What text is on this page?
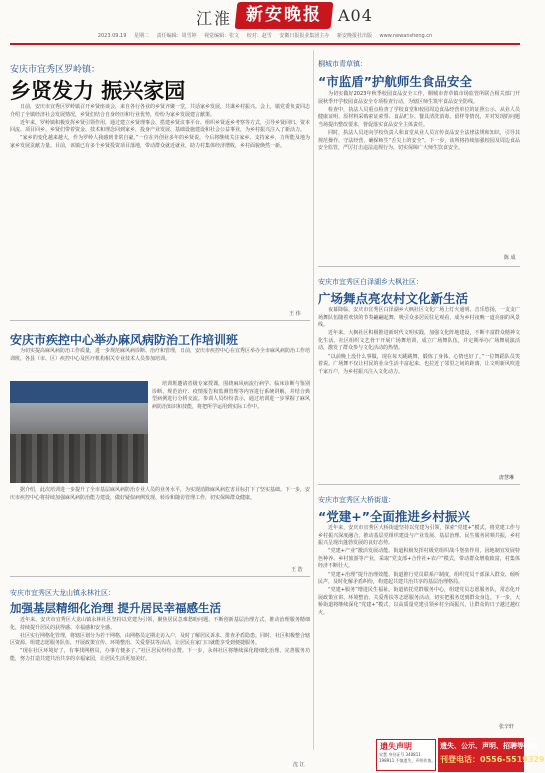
江淮 新安晚报	A04
2023.09.19 星期二 责任编辑：周雪婷 视觉编辑：张文 校对：赵雪 安徽日报报业集团主办 新安晚报社出版 www.newansheng.cn
安庆市宜秀区罗岭镇：
乡贤发力 振兴家园

日前，安庆市宜秀区罗岭镇召开乡贤座谈会，来自各行各业的乡贤齐聚一堂，共话家乡发展，共谋乡村振兴。会上，镇党委负责同志介绍了全镇经济社会发展情况，乡贤们结合自身经历和行业优势，纷纷为家乡发展建言献策。

近年来，罗岭镇积极发挥乡贤引领作用，通过建立乡贤理事会、搭建乡贤议事平台、组织乡贤返乡考察等方式，引导乡贤回归、资本回流、项目回乡。乡贤们带着资金、技术和理念回到家乡，投身产业发展、基础设施建设和社会公益事业，为乡村振兴注入了新活力。

“家乡的变化越来越大，作为罗岭人我感到非常自豪。”一位在外创业多年的乡贤说，今后将继续关注家乡、支持家乡，力所能及地为家乡发展贡献力量。目前，该镇已有多个乡贤投资项目落地，带动群众就近就业，助力村集体经济增收，乡村面貌焕然一新。

王 伟
安庆市疾控中心举办麻风病防治工作培训班

为切实提高麻风病防治工作质量，进一步规范麻风病诊断、治疗和管理，日前，安庆市疾控中心在宜秀区举办全市麻风病防治工作培训班，各县（市、区）疾控中心及医疗机构相关专业技术人员参加培训。

培训班邀请省级专家授课，围绕麻风病流行病学、临床诊断与鉴别诊断、规范治疗、疫情报告和监测管理等内容进行系统讲解，并结合典型病例进行分析交流。参训人员纷纷表示，通过培训进一步掌握了麻风病防治知识和技能，将把所学运用到实际工作中。

据介绍，此次培训进一步提升了全市基层麻风病防治专业人员的业务水平，为实现消除麻风病危害目标打下了坚实基础。下一步，安庆市疾控中心将持续加强麻风病防治能力建设，做好疑似病例发现、转诊和随访管理工作，切实保障群众健康。

王 浩
安庆市宜秀区大龙山镇永林社区：
加强基层精细化治理 提升居民幸福感生活

近年来，安庆市宜秀区大龙山镇永林社区坚持以党建为引领，聚焦居民急难愁盼问题，不断创新基层治理方式，推动治理服务精细化，持续提升居民的获得感、幸福感和安全感。

社区实行网格化管理，将辖区划分为若干网格，由网格员定期走访入户，及时了解居民诉求、排查矛盾隐患。同时，社区积极整合辖区资源，组建志愿服务队伍，开展政策宣传、环境整治、关爱帮扶等活动，让居民在家门口就能享受到便捷服务。

“现在社区环境好了，有事找网格员，办事方便多了。”社区居民纷纷点赞。下一步，永林社区将继续深化精细化治理，完善服务功能，努力打造共建共治共享的幸福家园，让居民生活更加美好。

沈 江
桐城市青草镇：
“市监盾”护航师生食品安全

为切实做好2023年秋季校园食品安全工作，桐城市青草镇市场监管所联合相关部门开展秋季开学校园食品安全专项检查行动，为辖区师生筑牢食品安全防线。

检查中，执法人员重点检查了学校食堂和校园周边食品经营单位的证照公示、从业人员健康证明、原材料采购索证索票、食品贮存、餐具清洗消毒、留样等情况，并对发现的问题当场提出整改要求，督促落实食品安全主体责任。

同时，执法人员还向学校负责人和食堂从业人员宣传食品安全法律法规和知识，引导其规范操作、守法经营，确保师生“舌尖上的安全”。下一步，该所将持续加强校园及周边食品安全监管，严厉打击违法违规行为，切实保障广大师生饮食安全。

陈 成
安庆市宜秀区白泽湖乡大枫社区：
广场舞点亮农村文化新生活

夜幕降临，安庆市宜秀区白泽湖乡大枫社区文化广场上灯火通明、音乐悠扬，一支支广场舞队伍随着欢快的节奏翩翩起舞，吸引众多居民驻足观看，成为乡村夜晚一道亮丽的风景线。

近年来，大枫社区积极推进新时代文明实践，加强文化阵地建设，不断丰富群众精神文化生活。社区组织文艺骨干开展广场舞培训，成立广场舞队伍，并定期举办广场舞展演活动，激发了群众参与文化活动的热情。

“以前晚上没什么事做，现在每天跳跳舞，锻炼了身体，心情也好了。”一位舞蹈队员笑着说。广场舞不仅让村民的业余生活丰富起来，也拉近了邻里之间的距离，让文明新风吹进千家万户，为乡村振兴注入文化动力。

唐慧琳
安庆市宜秀区大桥街道：
“党建+”全面推进乡村振兴

近年来，安庆市宜秀区大桥街道坚持以党建为引领，探索“党建+”模式，将党建工作与乡村振兴深度融合，推动基层党组织建设与产业发展、基层治理、民生服务同频共振，乡村振兴呈现出蓬勃发展的良好态势。

“党建+产业”激活发展动能。街道积极发挥村级党组织战斗堡垒作用，因地制宜发展特色种养、乡村旅游等产业，采取“党支部+合作社+农户”模式，带动群众增收致富，村集体经济不断壮大。

“党建+治理”提升治理效能。街道推行党员联系户制度，组织党员干部深入群众、倾听民声，及时化解矛盾纠纷，构建起共建共治共享的基层治理格局。

“党建+服务”增进民生福祉。街道依托党群服务中心，组建党员志愿服务队，常态化开展政策宣讲、环境整治、关爱帮扶等志愿服务活动，切实把服务送到群众身边。下一步，大桥街道将继续深化“党建+”模式，以高质量党建引领乡村全面振兴，让群众的日子越过越红火。

张辛轩
遗失声明
宋慧 身份证号 340811
198911 不慎遗失，声明作废。
遗失、公示、声明、招聘等信息
刊登电话：0556-5519329
